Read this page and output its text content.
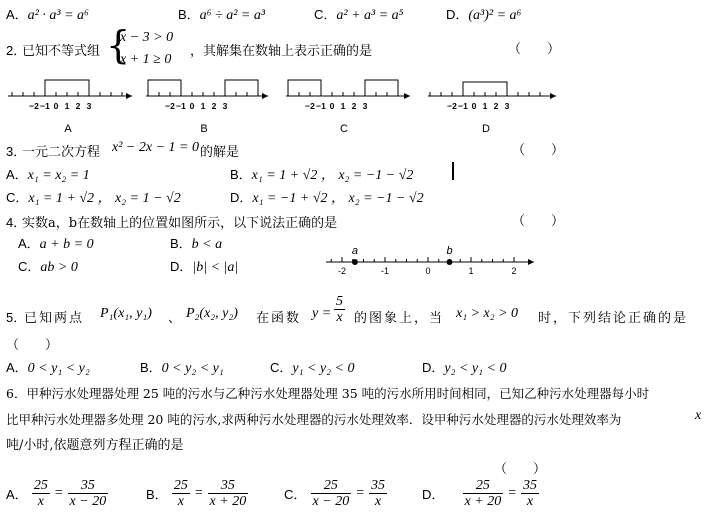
A．a² · a³ = a⁶	B．a⁶ ÷ a² = a³	C．a² + a³ = a⁵	D．(a³)² = a⁶
2．
已知不等式组 {
x − 3 > 0
x + 1 ≥ 0
，其解集在数轴上表示正确的是	（　　）
−2 −1 0 1 2 3
A
−2 −1 0 1 2 3
B
−2 −1 0 1 2 3
C
−2 −1 0 1 2 3
D
3．
一元二次方程 x² − 2x − 1 = 0 的解是	（　　）
A．x₁ = x₂ = 1	B．x₁ = 1 + √2 ， x₂ = −1 − √2
C．x₁ = 1 + √2 ， x₂ = 1 − √2	D．x₁ = −1 + √2 ， x₂ = −1 − √2
4．
实数a，b在数轴上的位置如图所示，以下说法正确的是	（　　）
A．a + b = 0	B．b < a
C．ab > 0	D．|b| < |a|	-2	-1	0	1	2
a	b
5．
已知两点 P₁(x₁, y₁) 、 P₂(x₂, y₂) 在函数 $y = \frac{5}{x}$ 的图象上，当 x₁ > x₂ > 0 时，下列结论正确的是
（　　）
A．0 < y₁ < y₂	B．0 < y₂ < y₁	C．y₁ < y₂ < 0	D．y₂ < y₁ < 0
6．甲种污水处理器处理 25 吨的污水与乙种污水处理器处理 35 吨的污水所用时间相同，已知乙种污水处理器每小时
比甲种污水处理器多处理 20 吨的污水,求两种污水处理器的污水处理效率．设甲种污水处理器的污水处理效率为	x
吨/小时,依题意列方程正确的是
（　　）
A． $\frac{25}{x} = \frac{35}{x - 20}$	B． $\frac{25}{x} = \frac{35}{x + 20}$	C． $\frac{25}{x - 20} = \frac{35}{x}$	D． $\frac{25}{x + 20} = \frac{35}{x}$
